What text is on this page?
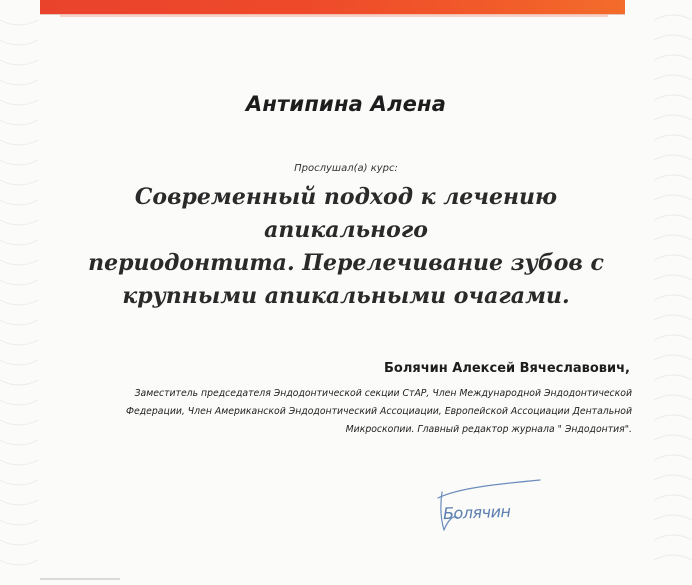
Антипина Алена
Прослушал(а) курс:
Современный подход к лечению апикального
периодонтита. Перелечивание зубов с
крупными апикальными очагами.
Болячин Алексей Вячеславович,
Заместитель председателя Эндодонтической секции СтАР, Член Международной Эндодонтической
Федерации, Член Американской Эндодонтический Ассоциации, Европейской Ассоциации Дентальной
Микроскопии. Главный редактор журнала " Эндодонтия".
Болячин
